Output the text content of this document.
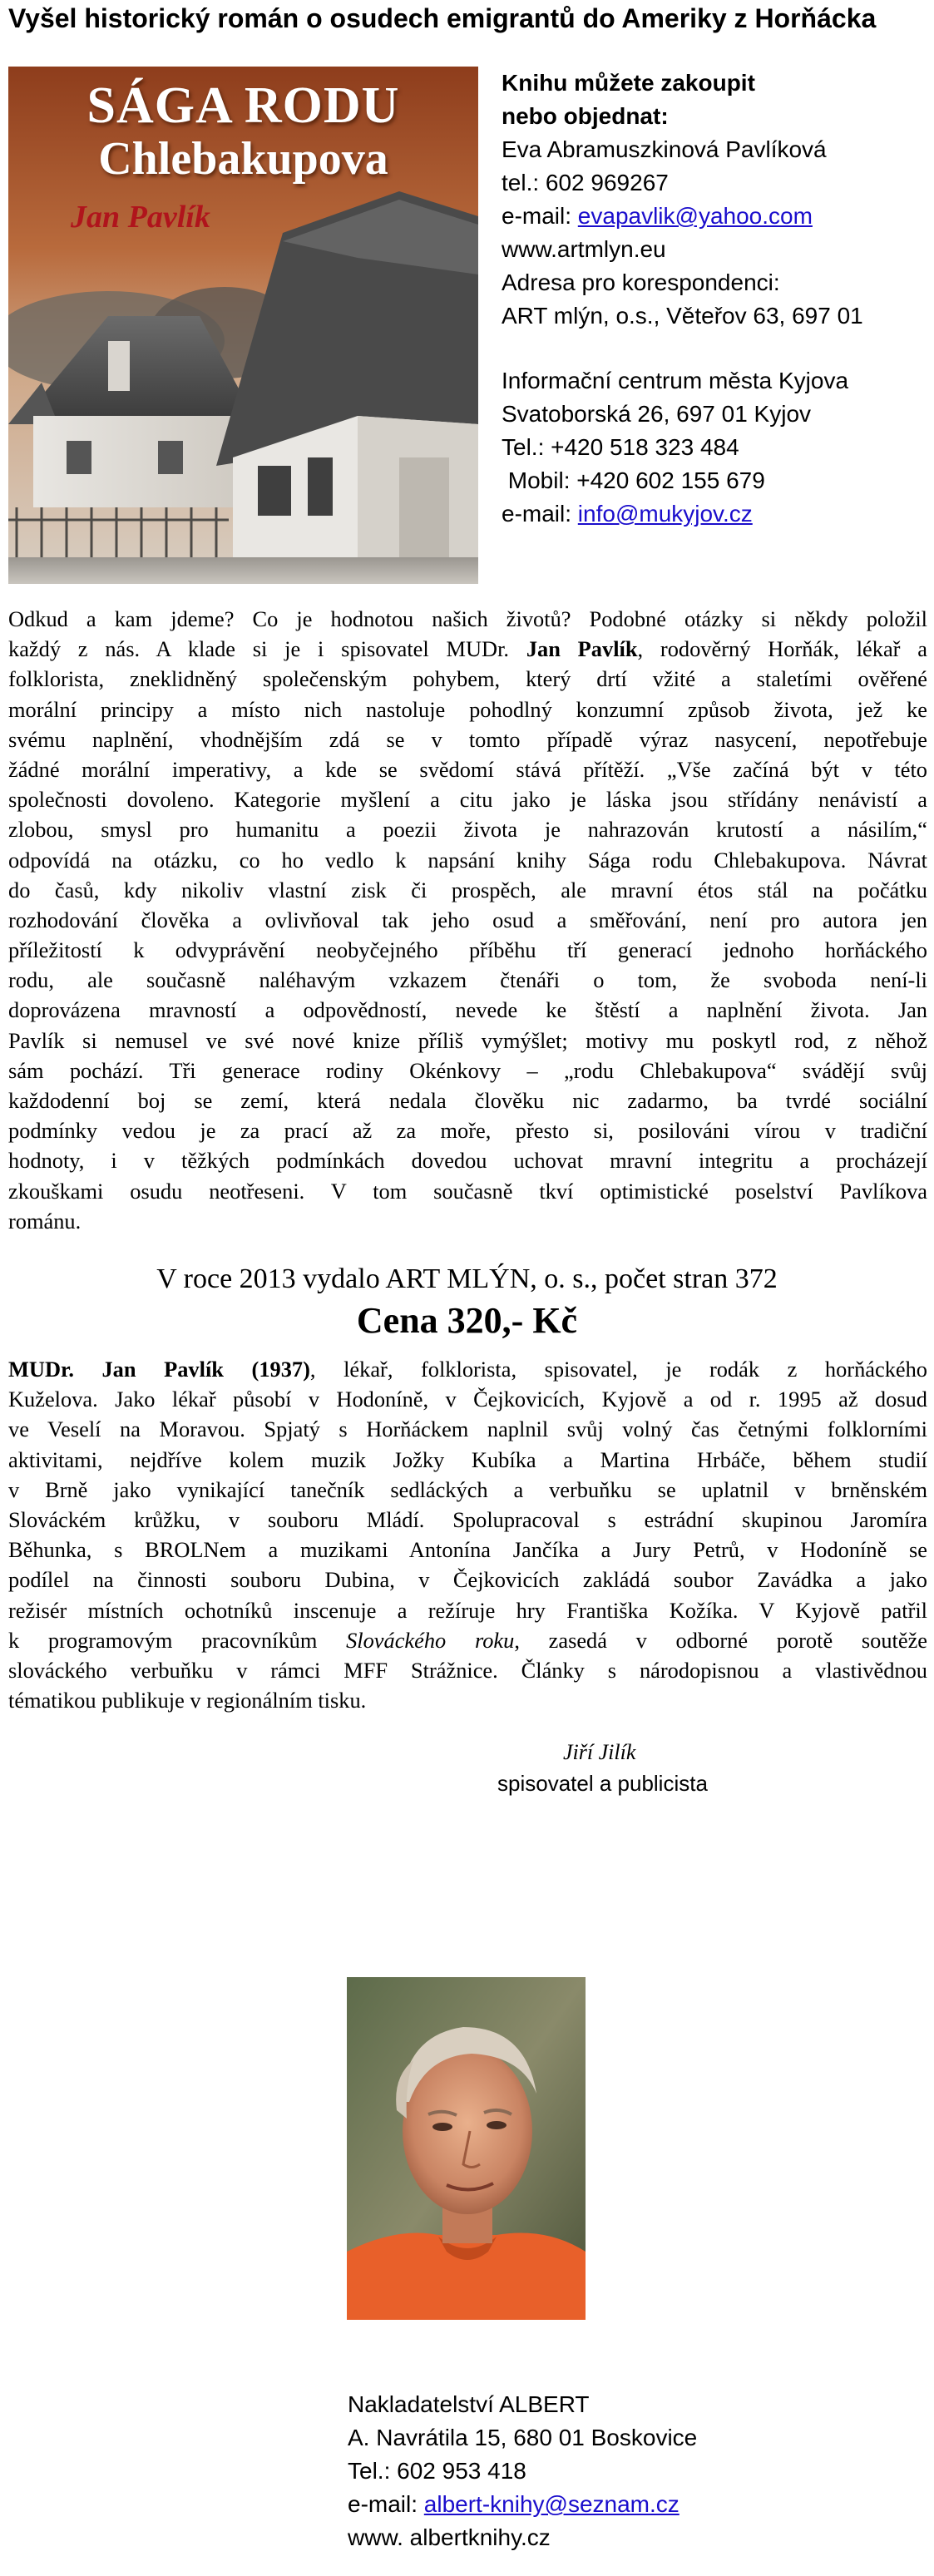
Vyšel historický román o osudech emigrantů do Ameriky z Horňácka
SÁGA RODU
Chlebakupova
Jan Pavlík
Knihu můžete zakoupit
nebo objednat:
Eva Abramuszkinová Pavlíková
tel.: 602 969267
e-mail: evapavlik@yahoo.com
www.artmlyn.eu
Adresa pro korespondenci:
ART mlýn, o.s., Věteřov 63, 697 01
Informační centrum města Kyjova
Svatoborská 26, 697 01 Kyjov
Tel.: +420 518 323 484
Mobil: +420 602 155 679
e-mail: info@mukyjov.cz
Odkud a kam jdeme? Co je hodnotou našich životů? Podobné otázky si někdy položil
každý z nás. A klade si je i spisovatel MUDr. Jan Pavlík, rodověrný Horňák, lékař a
folklorista, zneklidněný společenským pohybem, který drtí vžité a staletími ověřené
morální principy a místo nich nastoluje pohodlný konzumní způsob života, jež ke
svému naplnění, vhodnějším zdá se v tomto případě výraz nasycení, nepotřebuje
žádné morální imperativy, a kde se svědomí stává přítěží. „Vše začíná být v této
společnosti dovoleno. Kategorie myšlení a citu jako je láska jsou střídány nenávistí a
zlobou, smysl pro humanitu a poezii života je nahrazován krutostí a násilím,“
odpovídá na otázku, co ho vedlo k napsání knihy Sága rodu Chlebakupova. Návrat
do časů, kdy nikoliv vlastní zisk či prospěch, ale mravní étos stál na počátku
rozhodování člověka a ovlivňoval tak jeho osud a směřování, není pro autora jen
příležitostí k odvyprávění neobyčejného příběhu tří generací jednoho horňáckého
rodu, ale současně naléhavým vzkazem čtenáři o tom, že svoboda není-li
doprovázena mravností a odpovědností, nevede ke štěstí a naplnění života. Jan
Pavlík si nemusel ve své nové knize příliš vymýšlet; motivy mu poskytl rod, z něhož
sám pochází. Tři generace rodiny Okénkovy – „rodu Chlebakupova“ svádějí svůj
každodenní boj se zemí, která nedala člověku nic zadarmo, ba tvrdé sociální
podmínky vedou je za prací až za moře, přesto si, posilováni vírou v tradiční
hodnoty, i v těžkých podmínkách dovedou uchovat mravní integritu a procházejí
zkouškami osudu neotřeseni. V tom současně tkví optimistické poselství Pavlíkova
románu.
V roce 2013 vydalo ART MLÝN, o. s., počet stran 372
Cena 320,- Kč
MUDr. Jan Pavlík (1937), lékař, folklorista, spisovatel, je rodák z horňáckého
Kuželova. Jako lékař působí v Hodoníně, v Čejkovicích, Kyjově a od r. 1995 až dosud
ve Veselí na Moravou. Spjatý s Horňáckem naplnil svůj volný čas četnými folklorními
aktivitami, nejdříve kolem muzik Jožky Kubíka a Martina Hrbáče, během studií
v Brně jako vynikající tanečník sedláckých a verbuňku se uplatnil v brněnském
Slováckém krůžku, v souboru Mládí. Spolupracoval s estrádní skupinou Jaromíra
Běhunka, s BROLNem a muzikami Antonína Jančíka a Jury Petrů, v Hodoníně se
podílel na činnosti souboru Dubina, v Čejkovicích zakládá soubor Zavádka a jako
režisér místních ochotníků inscenuje a režíruje hry Františka Kožíka. V Kyjově patřil
k programovým pracovníkům Slováckého roku, zasedá v odborné porotě soutěže
slováckého verbuňku v rámci MFF Strážnice. Články s národopisnou a vlastivědnou
tématikou publikuje v regionálním tisku.
Jiří Jilík
spisovatel a publicista
Nakladatelství ALBERT
A. Navrátila 15, 680 01 Boskovice
Tel.: 602 953 418
e-mail: albert-knihy@seznam.cz
www. albertknihy.cz
